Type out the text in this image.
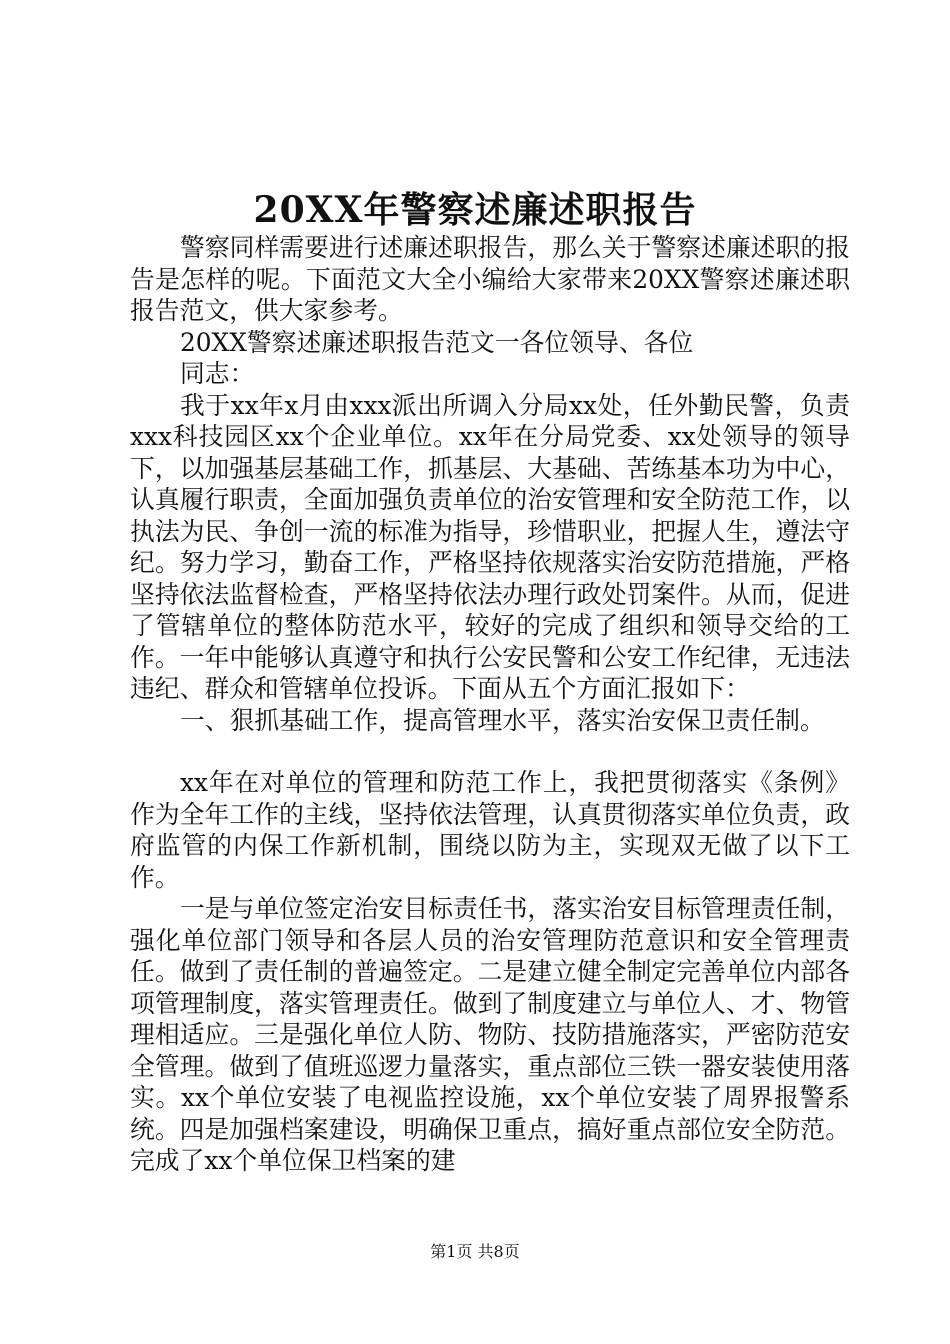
20XX年警察述廉述职报告

警察同样需要进行述廉述职报告，那么关于警察述廉述职的报告是怎样的呢。下面范文大全小编给大家带来20XX警察述廉述职报告范文，供大家参考。

20XX警察述廉述职报告范文一各位领导、各位

同志：

我于xx年x月由xxx派出所调入分局xx处，任外勤民警，负责xxx科技园区xx个企业单位。xx年在分局党委、xx处领导的领导下，以加强基层基础工作，抓基层、大基础、苦练基本功为中心，认真履行职责，全面加强负责单位的治安管理和安全防范工作，以执法为民、争创一流的标准为指导，珍惜职业，把握人生，遵法守纪。努力学习，勤奋工作，严格坚持依规落实治安防范措施，严格坚持依法监督检查，严格坚持依法办理行政处罚案件。从而，促进了管辖单位的整体防范水平，较好的完成了组织和领导交给的工作。一年中能够认真遵守和执行公安民警和公安工作纪律，无违法违纪、群众和管辖单位投诉。下面从五个方面汇报如下：

一、狠抓基础工作，提高管理水平，落实治安保卫责任制。

xx年在对单位的管理和防范工作上，我把贯彻落实《条例》作为全年工作的主线，坚持依法管理，认真贯彻落实单位负责，政府监管的内保工作新机制，围绕以防为主，实现双无做了以下工作。

一是与单位签定治安目标责任书，落实治安目标管理责任制，强化单位部门领导和各层人员的治安管理防范意识和安全管理责任。做到了责任制的普遍签定。二是建立健全制定完善单位内部各项管理制度，落实管理责任。做到了制度建立与单位人、才、物管理相适应。三是强化单位人防、物防、技防措施落实，严密防范安全管理。做到了值班巡逻力量落实，重点部位三铁一器安装使用落实。xx个单位安装了电视监控设施，xx个单位安装了周界报警系统。四是加强档案建设，明确保卫重点，搞好重点部位安全防范。完成了xx个单位保卫档案的建

第1页 共8页
